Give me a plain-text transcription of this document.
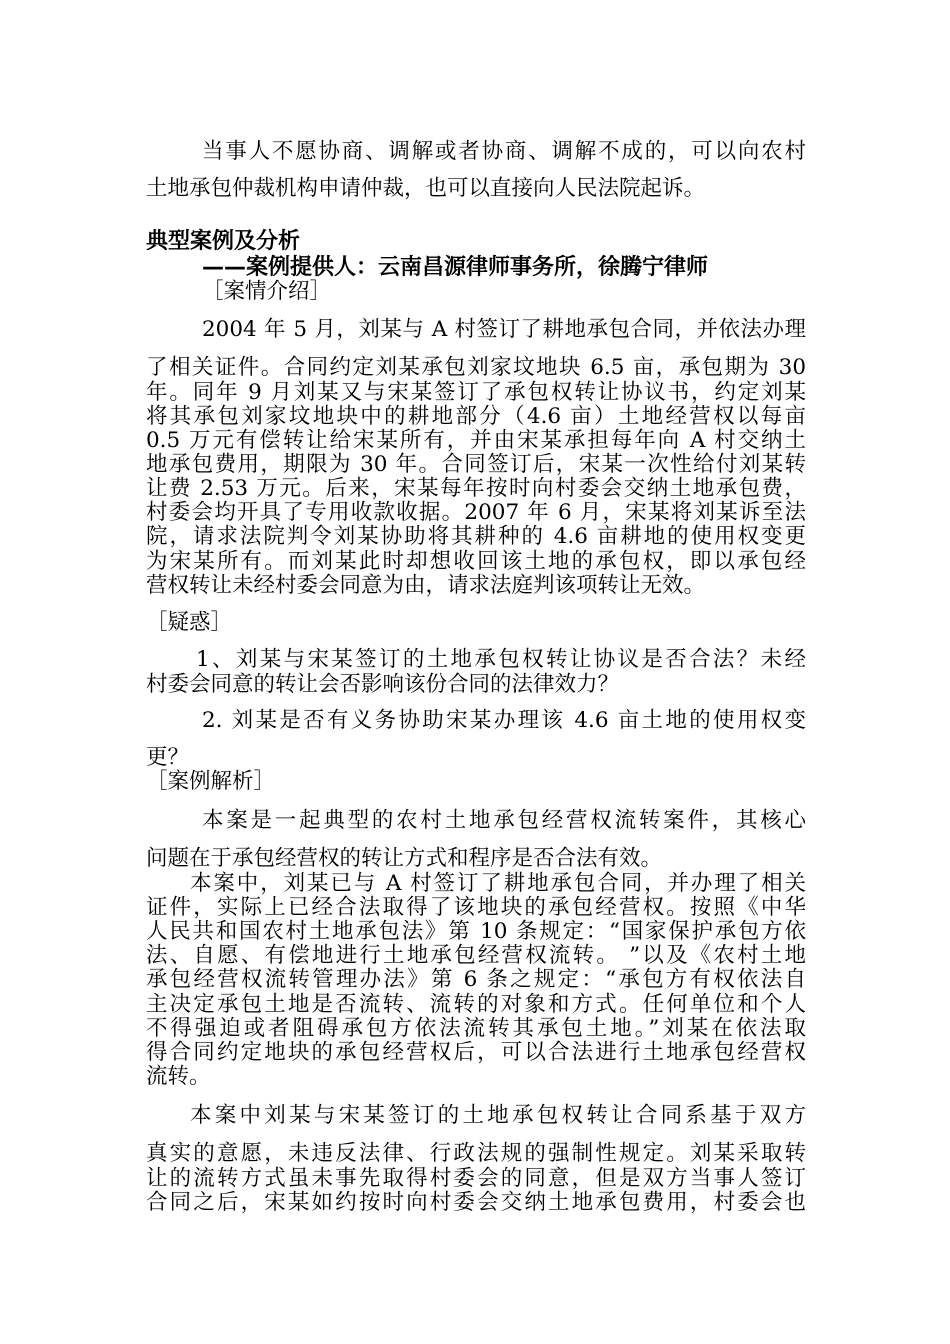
当事人不愿协商、调解或者协商、调解不成的，可以向农村
土地承包仲裁机构申请仲裁，也可以直接向人民法院起诉。
典型案例及分析
——案例提供人：云南昌源律师事务所，徐腾宁律师
［案情介绍］
2004 年 5 月，刘某与 A 村签订了耕地承包合同，并依法办理
了相关证件。合同约定刘某承包刘家坟地块 6.5 亩，承包期为 30
年。同年 9 月刘某又与宋某签订了承包权转让协议书，约定刘某
将其承包刘家坟地块中的耕地部分（4.6 亩）土地经营权以每亩
0.5 万元有偿转让给宋某所有，并由宋某承担每年向 A 村交纳土
地承包费用，期限为 30 年。合同签订后，宋某一次性给付刘某转
让费 2.53 万元。后来，宋某每年按时向村委会交纳土地承包费，
村委会均开具了专用收款收据。2007 年 6 月，宋某将刘某诉至法
院，请求法院判令刘某协助将其耕种的 4.6 亩耕地的使用权变更
为宋某所有。而刘某此时却想收回该土地的承包权，即以承包经
营权转让未经村委会同意为由，请求法庭判该项转让无效。
［疑惑］
1、刘某与宋某签订的土地承包权转让协议是否合法？未经
村委会同意的转让会否影响该份合同的法律效力？
2. 刘某是否有义务协助宋某办理该 4.6 亩土地的使用权变
更？
［案例解析］
本案是一起典型的农村土地承包经营权流转案件，其核心
问题在于承包经营权的转让方式和程序是否合法有效。
本案中，刘某已与 A 村签订了耕地承包合同，并办理了相关
证件，实际上已经合法取得了该地块的承包经营权。按照《中华
人民共和国农村土地承包法》第 10 条规定：“国家保护承包方依
法、自愿、有偿地进行土地承包经营权流转。 ”以及《农村土地
承包经营权流转管理办法》第 6 条之规定：“承包方有权依法自
主决定承包土地是否流转、流转的对象和方式。任何单位和个人
不得强迫或者阻碍承包方依法流转其承包土地。”刘某在依法取
得合同约定地块的承包经营权后，可以合法进行土地承包经营权
流转。
本案中刘某与宋某签订的土地承包权转让合同系基于双方
真实的意愿，未违反法律、行政法规的强制性规定。刘某采取转
让的流转方式虽未事先取得村委会的同意，但是双方当事人签订
合同之后，宋某如约按时向村委会交纳土地承包费用，村委会也
